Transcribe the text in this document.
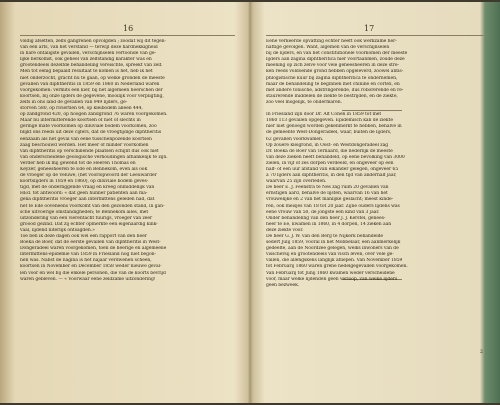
16
voldig afsetten, zelfs gangrenen opvolgden ; zoodat wij dit tegen-
van een arts, van het verstand — terwijl deze hardnekkigheid
in hare ontaligste gevallen, verschijnselen vertoonde van ge-
lijke herkomst, ook geheel van zelfstandig karakter was en
grootendeels dezelfde behandeling vereischte, spreekt van zelf.
Men tot eenig bepaald resultaat te komen is het, heb ik het
niet onderzocht, gracht nu te gaan, op welke gronden de meeste
gevallen van diphtheritis in 1859 en 1860 in Nederland waren
voorgekomen: vermits een kier, bij het algemeen heerschen der
koortsen, bij onze lijders de gegevene, mooilijk voor verpligting,
zelfs in ons land de gevallen van 949 lijders, ge-
storven 580, op riviertlen 64, op kleibodem alleen 444,
op zandgrond 420, op hoogen zandgrond 76 waren voorgekomen.
Maar nu intermitterende koortsen of niet of slechts in
geringe mate voorkomen op diluviale bodem voorkomen, zoo
blijkt ons reeds uit deze cijfers, dat de vroegtijdige diphtheritis
eenzaam als het geval van eene tusschenpozende koortsen
zaag beschouwd werden. Het meer of minder voorkomen
van diphtheritis op verschillende plaatsen schijnt dus ook niet
van onderscheidene geologische verhoudingen afhankelijk te zijn.
Verder heb ik mij gewend tot de Heeren Thomas en
Keyzer, geneesheeren te Ede en Bennekom, even als ook
de vroeger op de Veluwe, (het voorlopwoord der Leeuwarder
koortslijders in 1859 en 1860), op diluviale bodem geves-
tigd, met de onderliggende vraag en kreeg onmiddellijk van
HEd. tot antwoord: « dat geen hunner patiënten aan ma-
gena diphtheritis vroeger aan intermittens geleden had, dat
het te Ede ooveneens voorkomt van den gezonden stand, in gan-
sche uitvoerige omstandigheden; te Bennekom alles, met
uitzondering van een vierentacht tuurigs, vroeger van zeer
groood gezind. Dat zij echter opmerkte een eigenaardig kink-
vaal, lijdend niterlijk ontsagden.»
Toe ben ik deze dagen ook wel een rapport van den heer
Boeka de Boer, dat de eerste gevallen van diphtheritis in West-
Dongeradeel waren voorgekomen, toen de heerige en algemeene
intermittens-epidemie van 1859 in Friesland nog niet begon-
nen was. Nabst de nagina is het najaar verdwenen scheen,
koortsen in November en December 1858 weder nieuwe geval-
len voor en wel bij die enkele personen, die van de koorts bevrijd
waren gebleven. — « Voorwaar eene zeldzame uitzondering!
17
Eene verkeerde opvatting echter heeft ook werkzame her-
nattige gevolgen. Want, algemen van de verschijnselen
bij de lijders, en van het constitutionele voorkomen der meeste
lijders aan zagina diphtheritica hier voortaanmen, zoude deze
meening op zich zelve voor vele geneesheeren in deze stre-
ken reeds voldoende grond hebben opgeleverd, zoowel antis-
phlogistische kuur bij zagina diphtheritica te ondernemen,
maar de behandeling te beginnen met chinine en cortex, en
met andere tonische, adstringerende, dus roborerende en re-
staurerende middelen de ziekte te bestrijden, en de ziekte,
zoo veel mogelijk, te ondermaren.
In Friesland zijn door Dr. Alt Cohen in 1859 tot met
1860 113 gevallen opgegeven. Epidemisch kan de ziekte
hier niet genoegd worden gekenmerkt te hebben, behalve in
de gemeente West-Dongeradeel, waar, buiten de lijders,
62 gevallen voorkwamen.
Op zouere kleigrond, in Oost- en Westdongeradeel zag
Dr. Boeka de Boer van Ternaard, die nederlijk de meeste
van deze zieken heeft behandeld, op eene bevolking van 3000
zielen, in vijf of zes dorpen verdeeld, en ongeveer op een
half- of een uur afstand van elkander gelegen, ongeveer 65
à 70 lijders aan diphtheritis, in den tijd van anderhalf jaar,
waarvan 25 zijn overleden.
De heer E. J. Feenstra te Nes zag ruim 20 gevallen van
ernstigen aard, behalve de lijsten, waarvan 16 van het
vrouwelijke en 2 van het manlijke geslacht; meest kinde-
ren, ook meisjes van 18 tot 20 jaar. Zijne ouders lijdens was
eene vrouw van 50, de jongste een kind van 3 jaar.
Onder behandeling van den heer J. J. Kerstel, genees-
heer te Ee, kwamen in 1860, in 4 dorpen, 14 zieken aan
deze ziekte voor.
De heer G. J. W. van den Berg te Nijkerk behandelde
sedert Julij 1859, vooral in het Mobbelaar, een aanmerkelijk
gedeelte, aan de Noordzee gelegen, welks inwoners van de
visschersij en grootendeels van visch leven, over vele ge-
vallen, die allengskens langlijk afliepen. Van November 1859
tot Februarij 1860 waren grene nedelgegevallen voorgekomen.
Van Februarij tot Junij 1860 kwamen weder verscheidene
voor, maar welke lijdenden geen verloop, van welke lijders
geen bezweek.
2
